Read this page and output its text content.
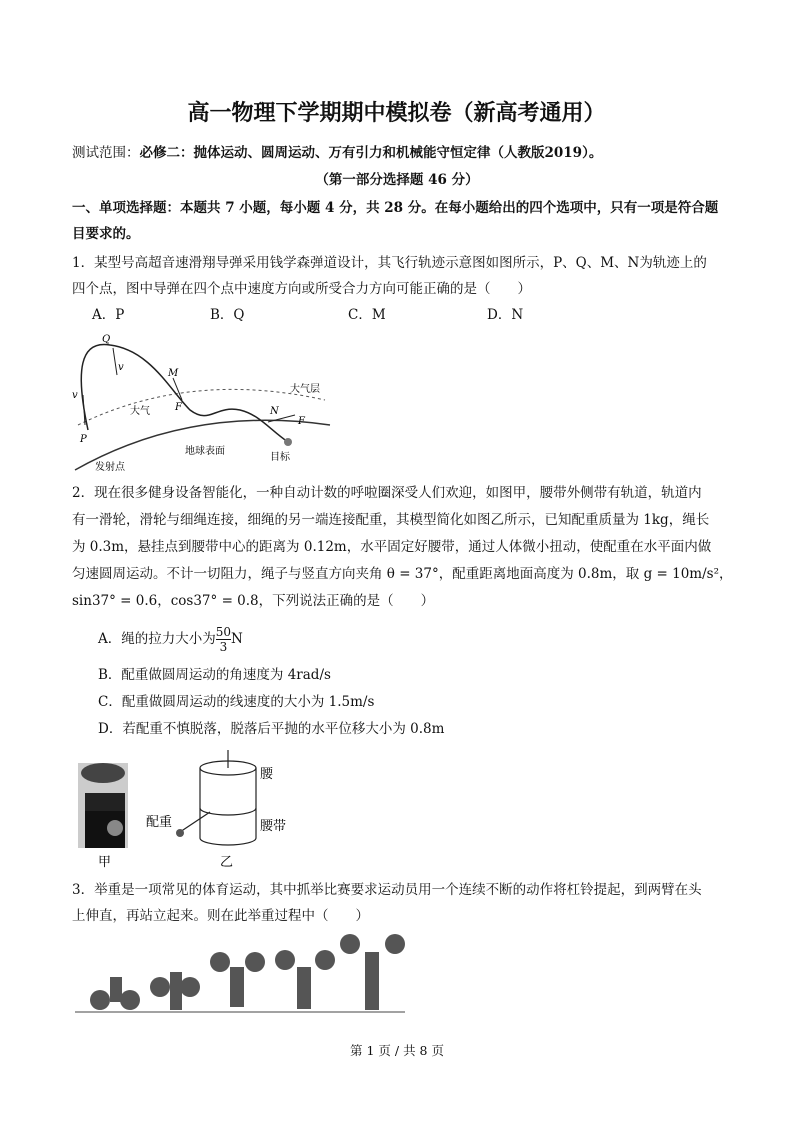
高一物理下学期期中模拟卷（新高考通用）
测试范围：必修二：抛体运动、圆周运动、万有引力和机械能守恒定律（人教版2019）。
（第一部分选择题 46 分）
一、单项选择题：本题共 7 小题，每小题 4 分，共 28 分。在每小题给出的四个选项中，只有一项是符合题
目要求的。
1．某型号高超音速滑翔导弹采用钱学森弹道设计，其飞行轨迹示意图如图所示，P、Q、M、N为轨迹上的
四个点，图中导弹在四个点中速度方向或所受合力方向可能正确的是（　　）
A．P	B．Q	C．M	D．N
Q
v
M
F
大气层
大气	N
F
v
P
地球表面
发射点
目标
2．现在很多健身设备智能化，一种自动计数的呼啦圈深受人们欢迎，如图甲，腰带外侧带有轨道，轨道内
有一滑轮，滑轮与细绳连接，细绳的另一端连接配重，其模型简化如图乙所示，已知配重质量为 1kg，绳长
为 0.3m，悬挂点到腰带中心的距离为 0.12m，水平固定好腰带，通过人体微小扭动，使配重在水平面内做
匀速圆周运动。不计一切阻力，绳子与竖直方向夹角 θ = 37°，配重距离地面高度为 0.8m，取 g = 10m/s²，
sin37° = 0.6，cos37° = 0.8，下列说法正确的是（　　）
A．绳的拉力大小为 $\frac{50}{3}$ N
B．配重做圆周运动的角速度为 4rad/s
C．配重做圆周运动的线速度的大小为 1.5m/s
D．若配重不慎脱落，脱落后平抛的水平位移大小为 0.8m
甲
腰
腰带
配重
乙
3．举重是一项常见的体育运动，其中抓举比赛要求运动员用一个连续不断的动作将杠铃提起，到两臂在头
上伸直，再站立起来。则在此举重过程中（　　）
第 1 页 / 共 8 页
